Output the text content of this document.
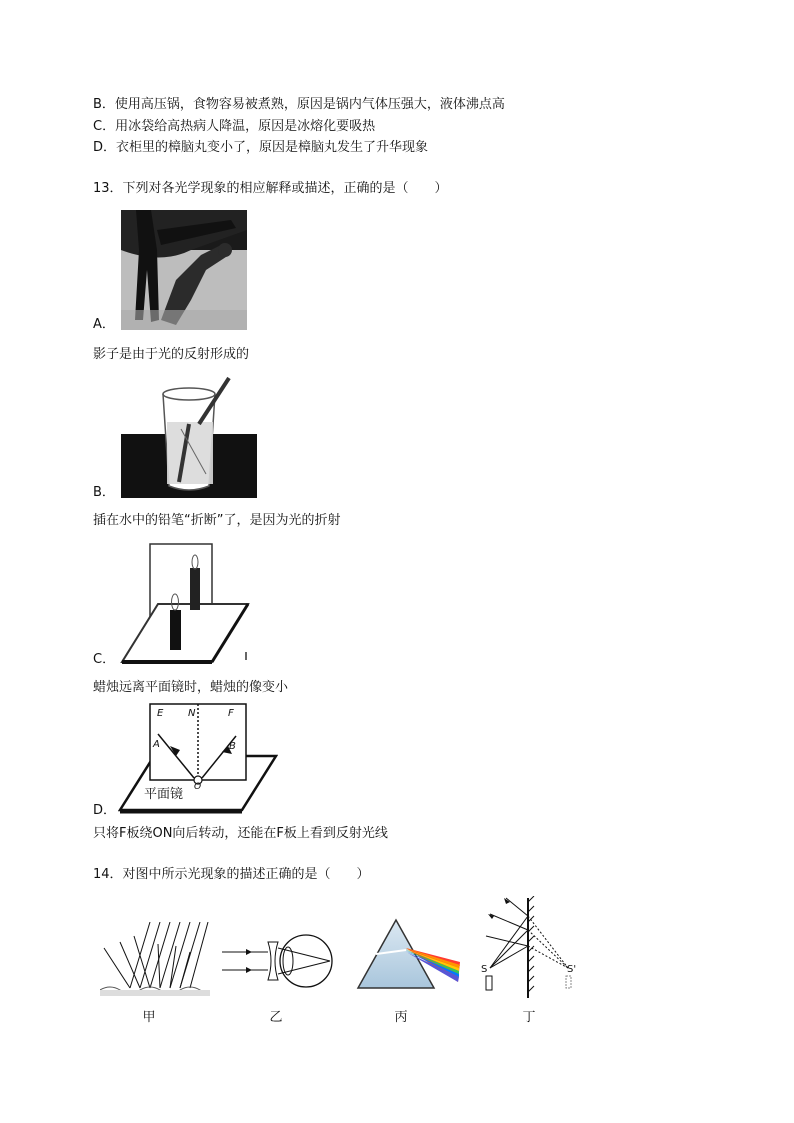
B．使用高压锅，食物容易被煮熟，原因是锅内气体压强大，液体沸点高
C．用冰袋给高热病人降温，原因是冰熔化要吸热
D．衣柜里的樟脑丸变小了，原因是樟脑丸发生了升华现象
13．下列对各光学现象的相应解释或描述，正确的是（　　）
A．
影子是由于光的反射形成的
B．
插在水中的铅笔“折断”了，是因为光的折射
C．
蜡烛远离平面镜时，蜡烛的像变小
E N	F
A	B
O
平面镜
D．
只将F板绕ON向后转动，还能在F板上看到反射光线
14．对图中所示光现象的描述正确的是（　　）
甲	乙	丙
S	S'
丁
